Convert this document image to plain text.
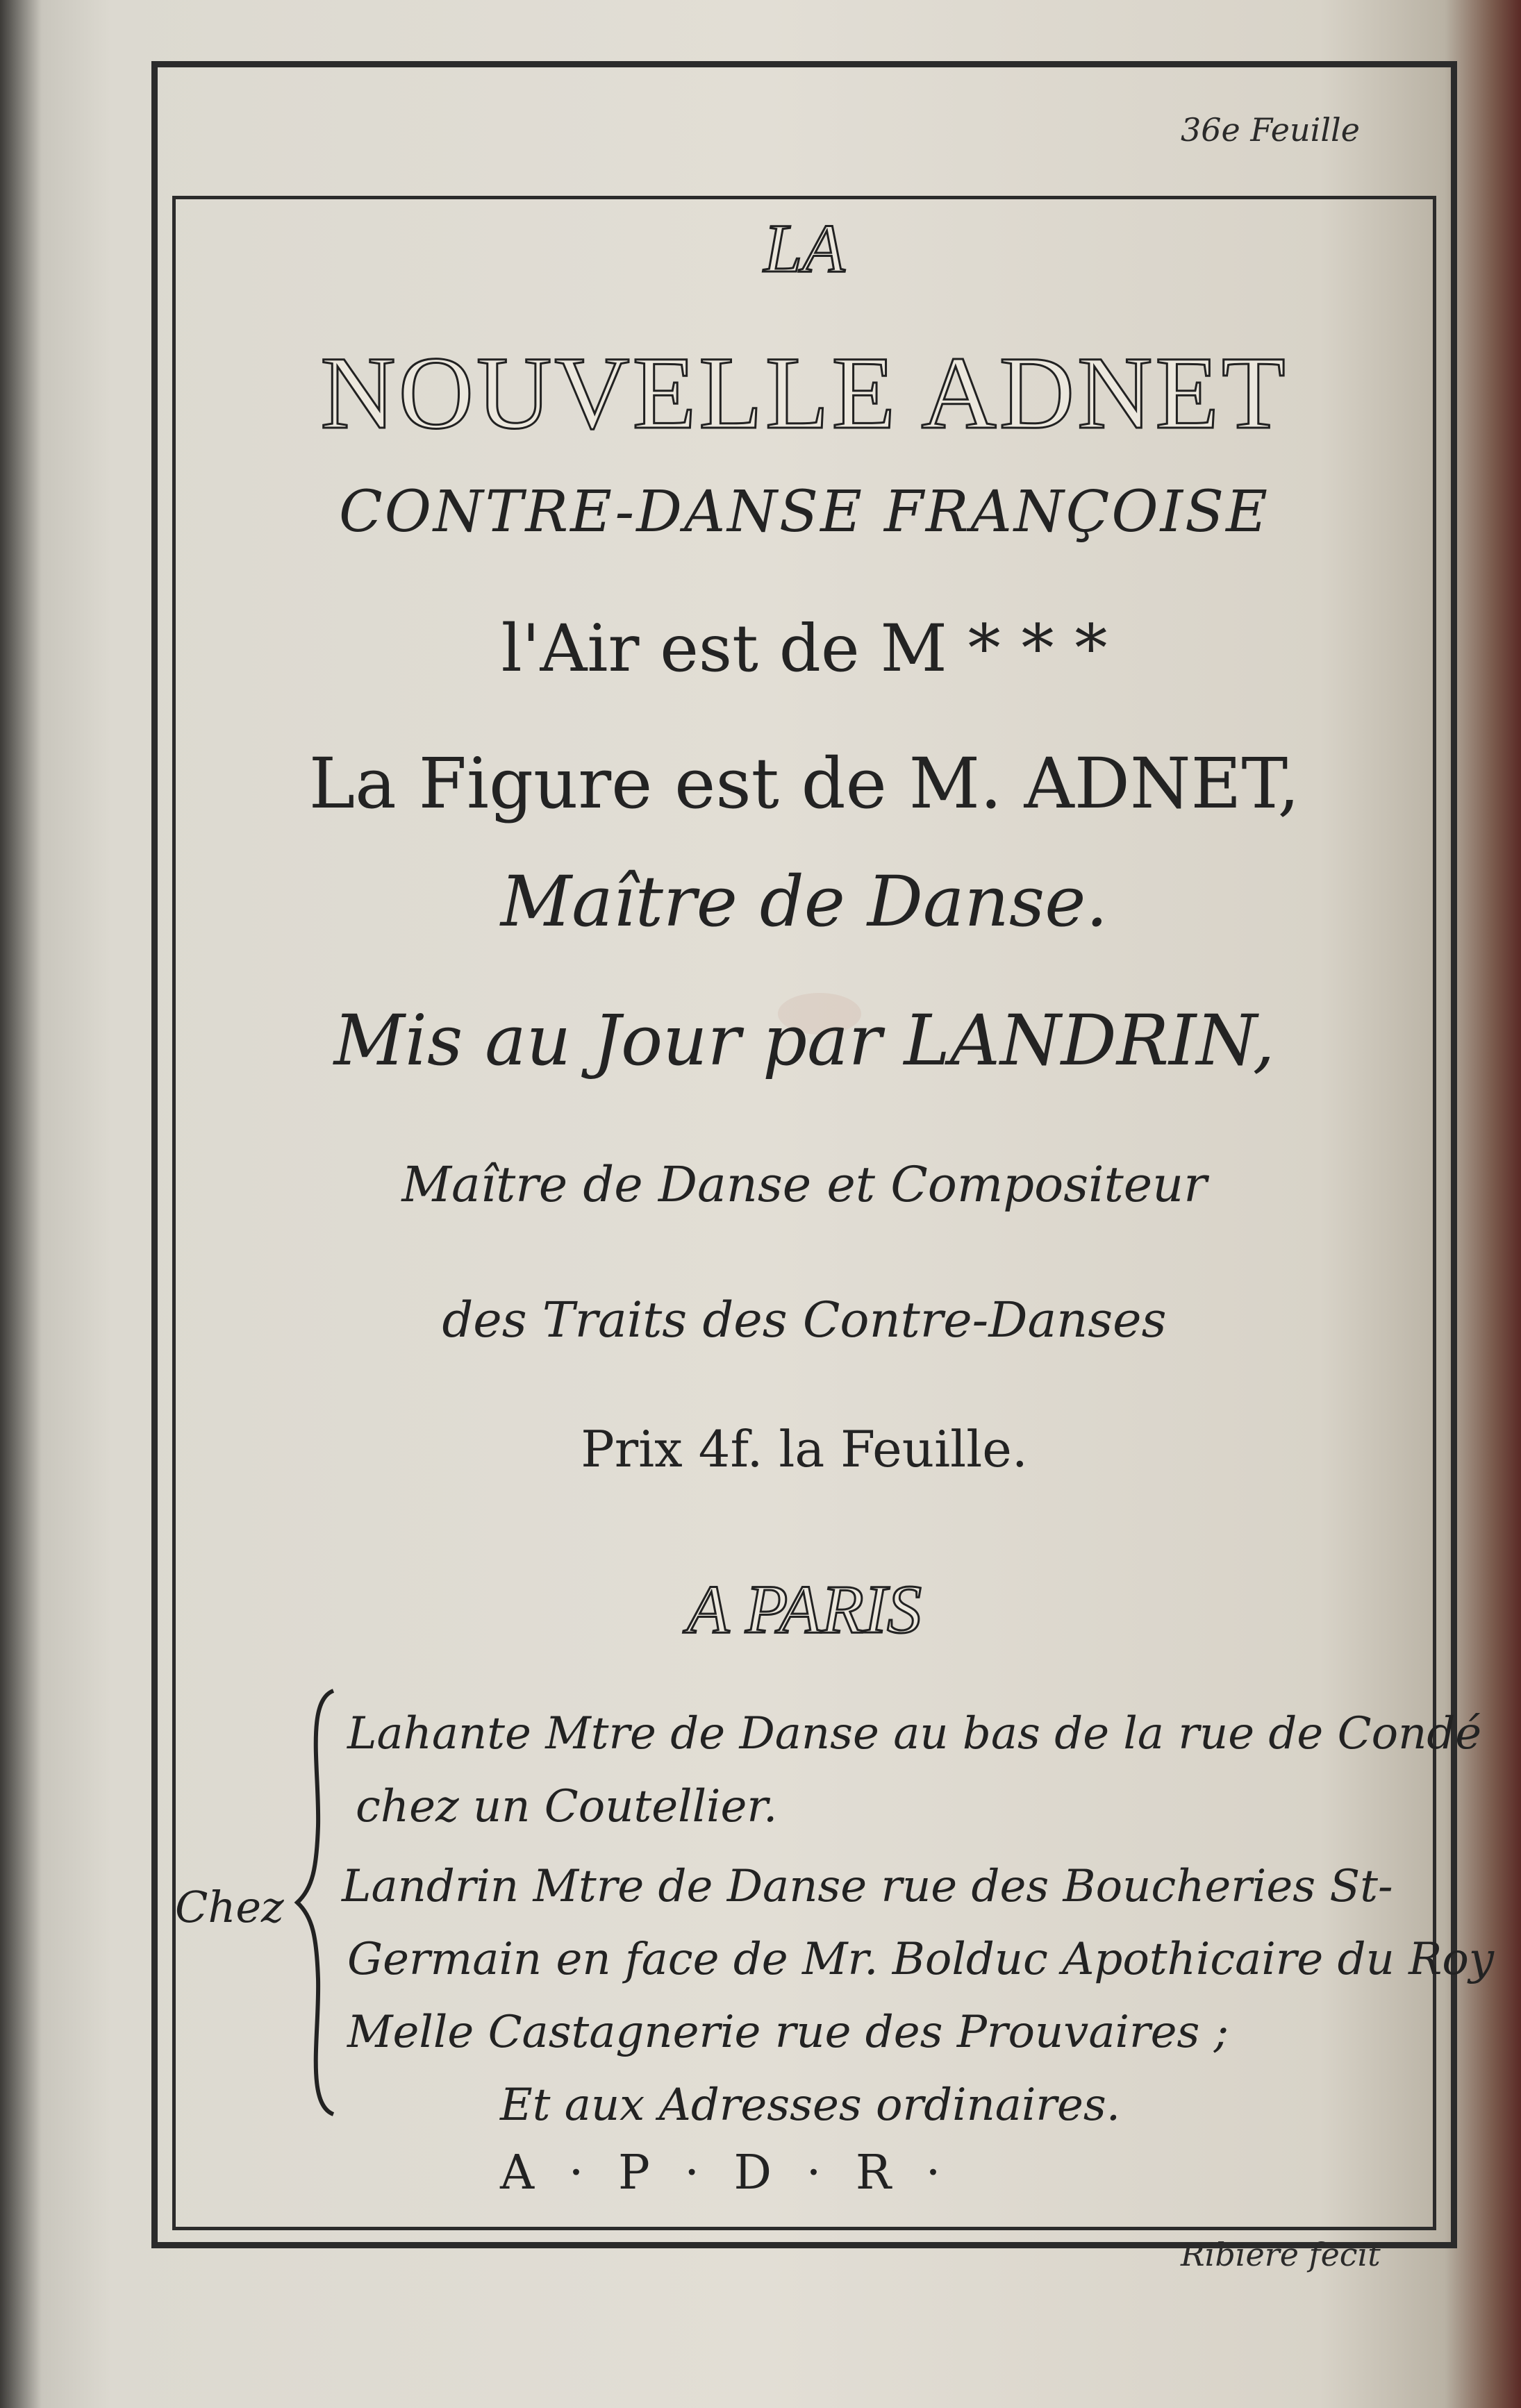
36e Feuille
LA
NOUVELLE ADNET
CONTRE-DANSE FRANÇOISE
l'Air est de M * * *
La Figure est de M. ADNET,
Maître de Danse.
Mis au Jour par LANDRIN,
Maître de Danse et Compositeur
des Traits des Contre-Danses
Prix 4f. la Feuille.
A PARIS
Chez
Lahante Mtre de Danse au bas de la rue de Condé
chez un Coutellier.
Landrin Mtre de Danse rue des Boucheries St-
Germain en face de Mr. Bolduc Apothicaire du Roy
Melle Castagnerie rue des Prouvaires ;
Et aux Adresses ordinaires.
A · P · D · R ·
Ribiere fecit
